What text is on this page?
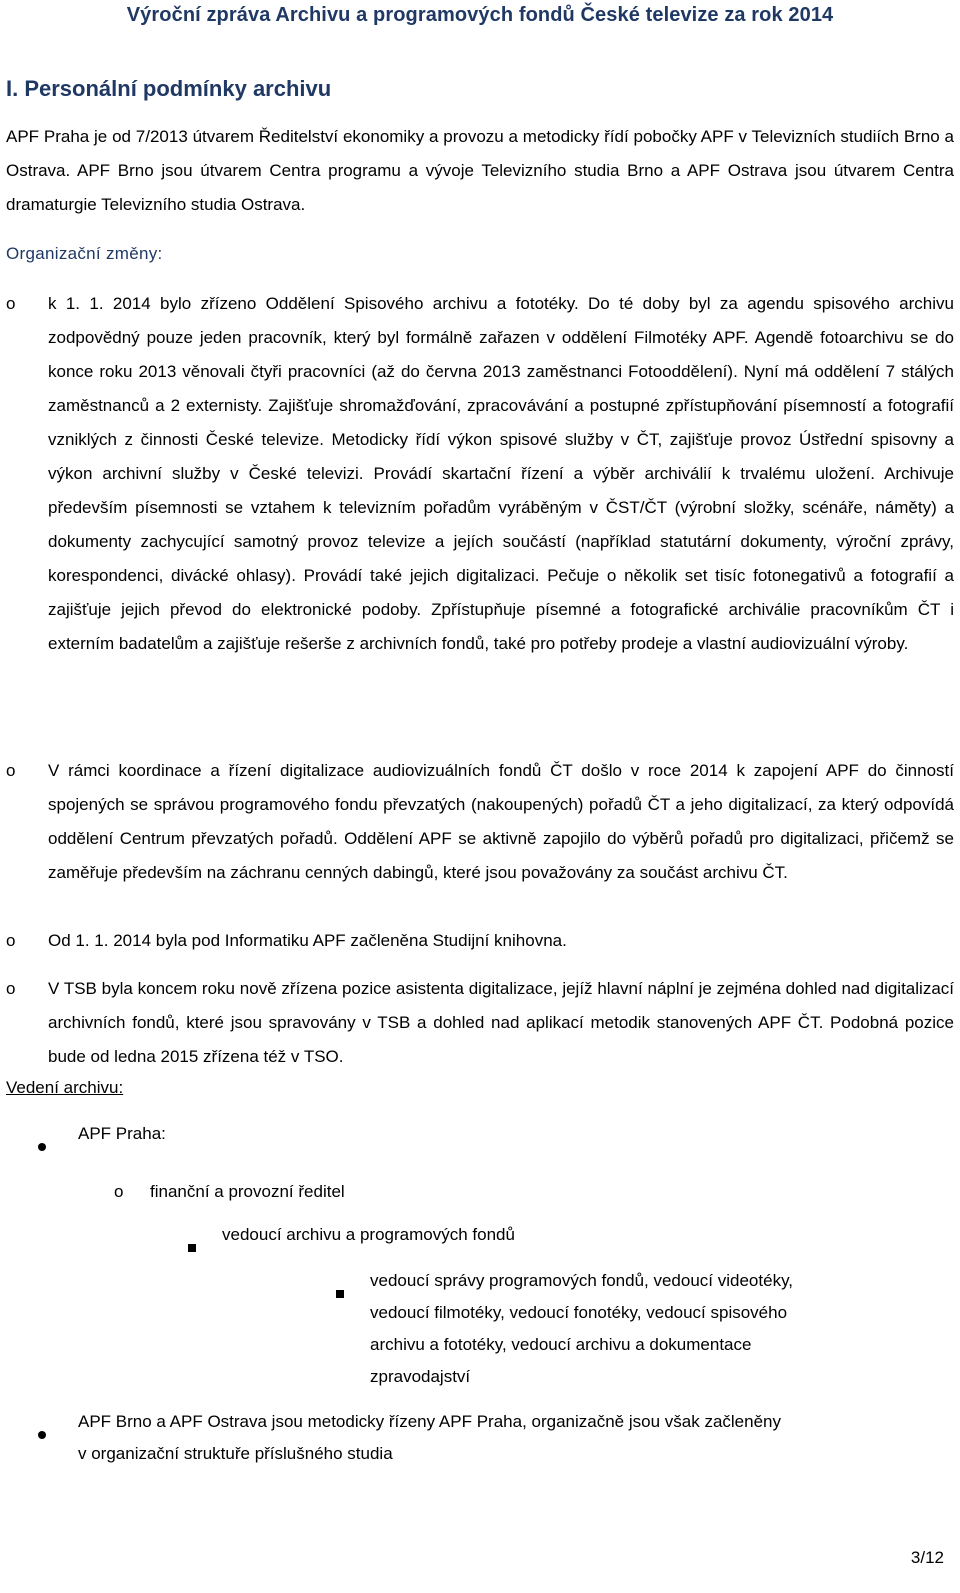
Výroční zpráva Archivu a programových fondů České televize za rok 2014
I. Personální podmínky archivu
APF Praha je od 7/2013 útvarem Ředitelství ekonomiky a provozu a metodicky řídí pobočky APF v Televizních studiích Brno a Ostrava. APF Brno jsou útvarem Centra programu a vývoje Televizního studia Brno a APF Ostrava jsou útvarem Centra dramaturgie Televizního studia Ostrava.
Organizační změny:
o	k 1. 1. 2014 bylo zřízeno Oddělení Spisového archivu a fototéky. Do té doby byl za agendu spisového archivu zodpovědný pouze jeden pracovník, který byl formálně zařazen v oddělení Filmotéky APF. Agendě fotoarchivu se do konce roku 2013 věnovali čtyři pracovníci (až do června 2013 zaměstnanci Fotooddělení). Nyní má oddělení 7 stálých zaměstnanců a 2 externisty. Zajišťuje shromažďování, zpracovávání a postupné zpřístupňování písemností a fotografií vzniklých z činnosti České televize. Metodicky řídí výkon spisové služby v ČT, zajišťuje provoz Ústřední spisovny a výkon archivní služby v České televizi. Provádí skartační řízení a výběr archiválií k trvalému uložení. Archivuje především písemnosti se vztahem k televizním pořadům vyráběným v ČST/ČT (výrobní složky, scénáře, náměty) a dokumenty zachycující samotný provoz televize a jejích součástí (například statutární dokumenty, výroční zprávy, korespondenci, divácké ohlasy). Provádí také jejich digitalizaci. Pečuje o několik set tisíc fotonegativů a fotografií a zajišťuje jejich převod do elektronické podoby. Zpřístupňuje písemné a fotografické archiválie pracovníkům ČT i externím badatelům a zajišťuje rešerše z archivních fondů, také pro potřeby prodeje a vlastní audiovizuální výroby.
o	V rámci koordinace a řízení digitalizace audiovizuálních fondů ČT došlo v roce 2014 k zapojení APF do činností spojených se správou programového fondu převzatých (nakoupených) pořadů ČT a jeho digitalizací, za který odpovídá oddělení Centrum převzatých pořadů. Oddělení APF se aktivně zapojilo do výběrů pořadů pro digitalizaci, přičemž se zaměřuje především na záchranu cenných dabingů, které jsou považovány za součást archivu ČT.
o	Od 1. 1. 2014 byla pod Informatiku APF začleněna Studijní knihovna.
o	V TSB byla koncem roku nově zřízena pozice asistenta digitalizace, jejíž hlavní náplní je zejména dohled nad digitalizací archivních fondů, které jsou spravovány v TSB a dohled nad aplikací metodik stanovených APF ČT. Podobná pozice bude od ledna 2015 zřízena též v TSO.
Vedení archivu:
APF Praha:
o finanční a provozní ředitel
vedoucí archivu a programových fondů
vedoucí správy programových fondů, vedoucí videotéky,
vedoucí filmotéky, vedoucí fonotéky, vedoucí spisového
archivu a fototéky, vedoucí archivu a dokumentace
zpravodajství
APF Brno a APF Ostrava jsou metodicky řízeny APF Praha, organizačně jsou však začleněny
v organizační struktuře příslušného studia
3/12
